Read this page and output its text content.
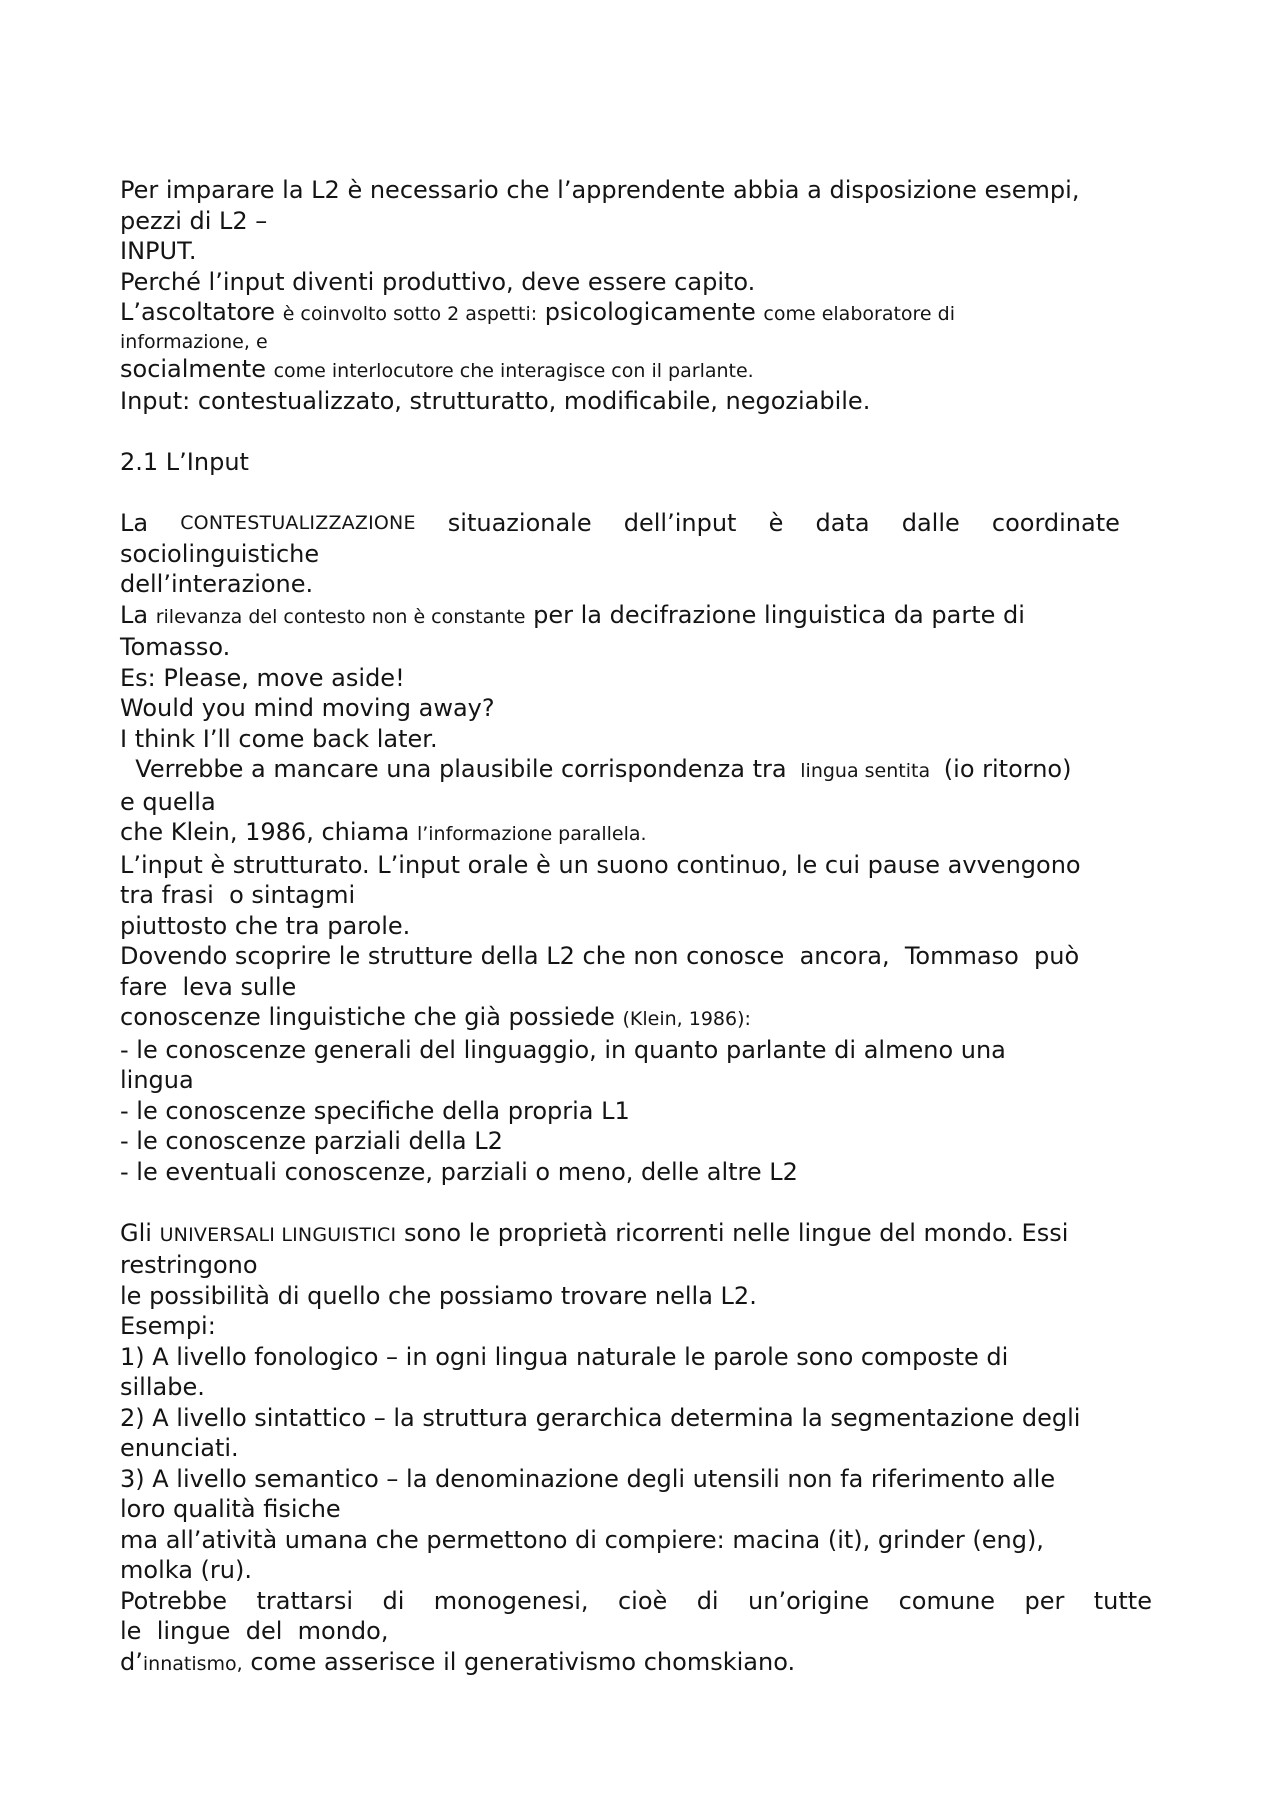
Per imparare la L2 è necessario che l’apprendente abbia a disposizione esempi,
pezzi di L2 –
INPUT.
Perché l’input diventi produttivo, deve essere capito.
L’ascoltatore è coinvolto sotto 2 aspetti: psicologicamente come elaboratore di
informazione, e
socialmente come interlocutore che interagisce con il parlante.
Input: contestualizzato, strutturatto, modificabile, negoziabile.
2.1 L’Input
La CONTESTUALIZZAZIONE situazionale dell’input è data dalle coordinate
sociolinguistiche
dell’interazione.
La rilevanza del contesto non è constante per la decifrazione linguistica da parte di
Tomasso.
Es: Please, move aside!
Would you mind moving away?
I think I’ll come back later.
Verrebbe a mancare una plausibile corrispondenza tra  lingua sentita  (io ritorno)
e quella
che Klein, 1986, chiama l’informazione parallela.
L’input è strutturato. L’input orale è un suono continuo, le cui pause avvengono
tra frasi  o sintagmi
piuttosto che tra parole.
Dovendo scoprire le strutture della L2 che non conosce  ancora,  Tommaso  può
fare  leva sulle
conoscenze linguistiche che già possiede (Klein, 1986):
- le conoscenze generali del linguaggio, in quanto parlante di almeno una
lingua
- le conoscenze specifiche della propria L1
- le conoscenze parziali della L2
- le eventuali conoscenze, parziali o meno, delle altre L2
Gli UNIVERSALI LINGUISTICI sono le proprietà ricorrenti nelle lingue del mondo. Essi
restringono
le possibilità di quello che possiamo trovare nella L2.
Esempi:
1) A livello fonologico – in ogni lingua naturale le parole sono composte di
sillabe.
2) A livello sintattico – la struttura gerarchica determina la segmentazione degli
enunciati.
3) A livello semantico – la denominazione degli utensili non fa riferimento alle
loro qualità fisiche
ma all’atività umana che permettono di compiere: macina (it), grinder (eng),
molka (ru).
Potrebbe trattarsi di monogenesi, cioè di un’origine comune per tutte
le  lingue  del  mondo,
d’innatismo, come asserisce il generativismo chomskiano.
